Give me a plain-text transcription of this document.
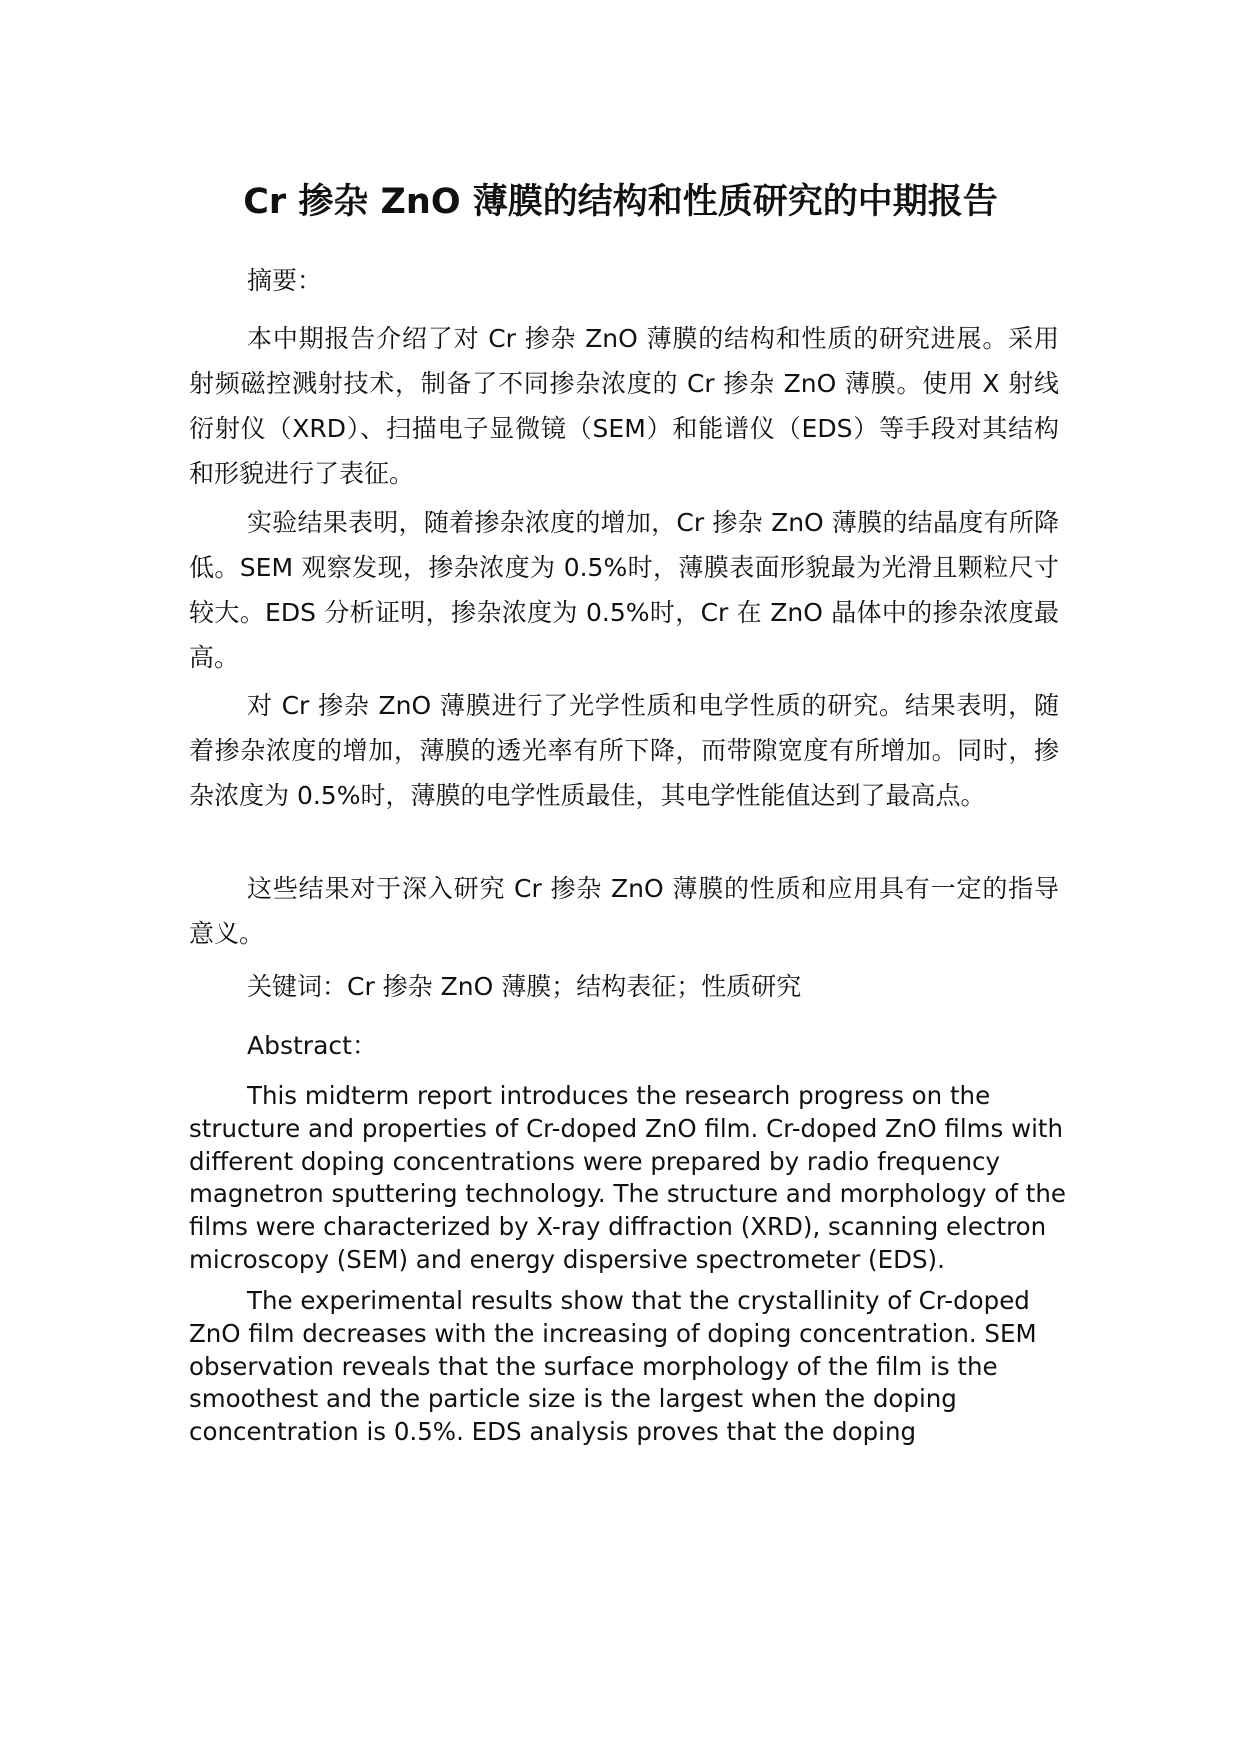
Cr 掺杂 ZnO 薄膜的结构和性质研究的中期报告

摘要：

本中期报告介绍了对 Cr 掺杂 ZnO 薄膜的结构和性质的研究进展。采用射频磁控溅射技术，制备了不同掺杂浓度的 Cr 掺杂 ZnO 薄膜。使用 X 射线衍射仪（XRD）、扫描电子显微镜（SEM）和能谱仪（EDS）等手段对其结构和形貌进行了表征。

实验结果表明，随着掺杂浓度的增加，Cr 掺杂 ZnO 薄膜的结晶度有所降低。SEM 观察发现，掺杂浓度为 0.5%时，薄膜表面形貌最为光滑且颗粒尺寸较大。EDS 分析证明，掺杂浓度为 0.5%时，Cr 在 ZnO 晶体中的掺杂浓度最高。

对 Cr 掺杂 ZnO 薄膜进行了光学性质和电学性质的研究。结果表明，随着掺杂浓度的增加，薄膜的透光率有所下降，而带隙宽度有所增加。同时，掺杂浓度为 0.5%时，薄膜的电学性质最佳，其电学性能值达到了最高点。

这些结果对于深入研究 Cr 掺杂 ZnO 薄膜的性质和应用具有一定的指导意义。

关键词：Cr 掺杂 ZnO 薄膜；结构表征；性质研究

Abstract：

This midterm report introduces the research progress on the structure and properties of Cr-doped ZnO film. Cr-doped ZnO films with different doping concentrations were prepared by radio frequency magnetron sputtering technology. The structure and morphology of the films were characterized by X-ray diffraction (XRD), scanning electron microscopy (SEM) and energy dispersive spectrometer (EDS).

The experimental results show that the crystallinity of Cr-doped ZnO film decreases with the increasing of doping concentration. SEM observation reveals that the surface morphology of the film is the smoothest and the particle size is the largest when the doping concentration is 0.5%. EDS analysis proves that the doping
